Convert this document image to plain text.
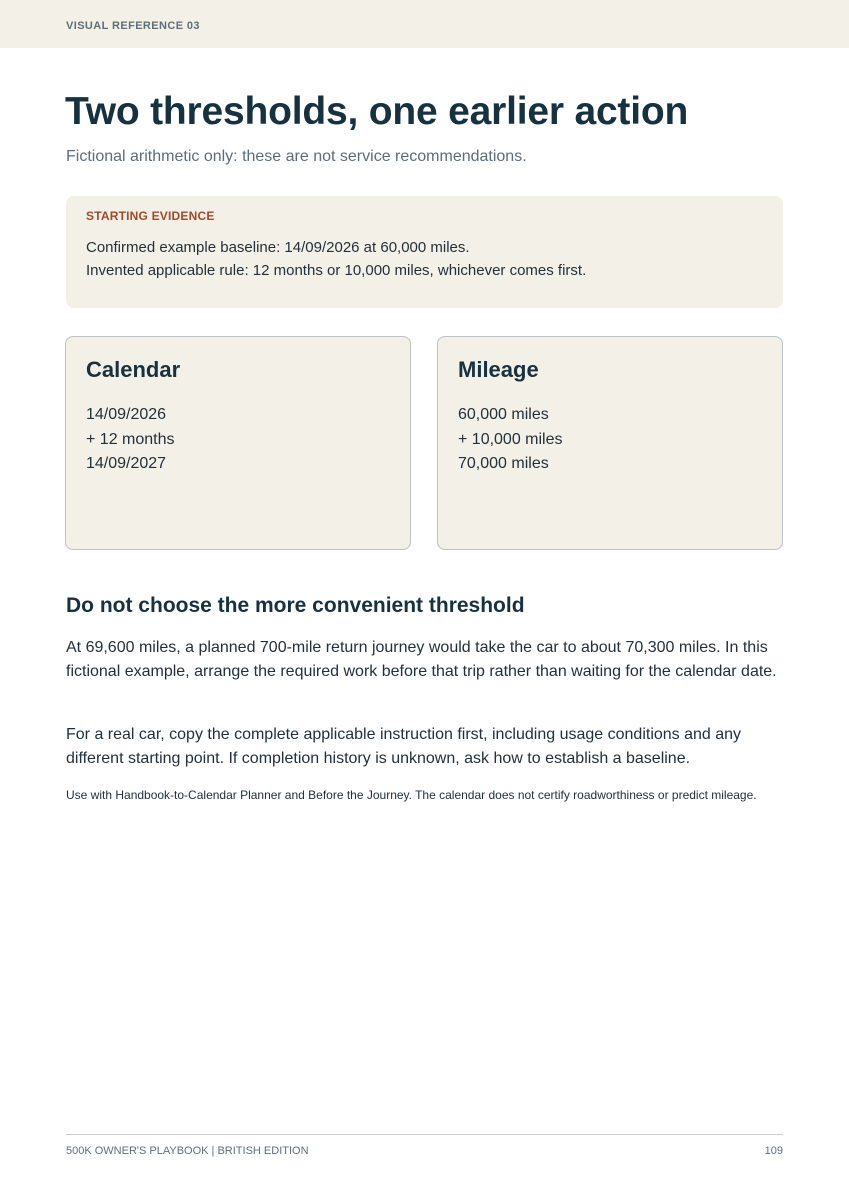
VISUAL REFERENCE 03
Two thresholds, one earlier action

Fictional arithmetic only: these are not service recommendations.

STARTING EVIDENCE

Confirmed example baseline: 14/09/2026 at 60,000 miles.

Invented applicable rule: 12 months or 10,000 miles, whichever comes first.

Calendar

14/09/2026

+ 12 months

14/09/2027

Mileage

60,000 miles

+ 10,000 miles

70,000 miles

Do not choose the more convenient threshold

At 69,600 miles, a planned 700-mile return journey would take the car to about 70,300 miles. In this fictional example, arrange the required work before that trip rather than waiting for the calendar date.

For a real car, copy the complete applicable instruction first, including usage conditions and any different starting point. If completion history is unknown, ask how to establish a baseline.

Use with Handbook-to-Calendar Planner and Before the Journey. The calendar does not certify roadworthiness or predict mileage.

500K OWNER'S PLAYBOOK | BRITISH EDITION	109
